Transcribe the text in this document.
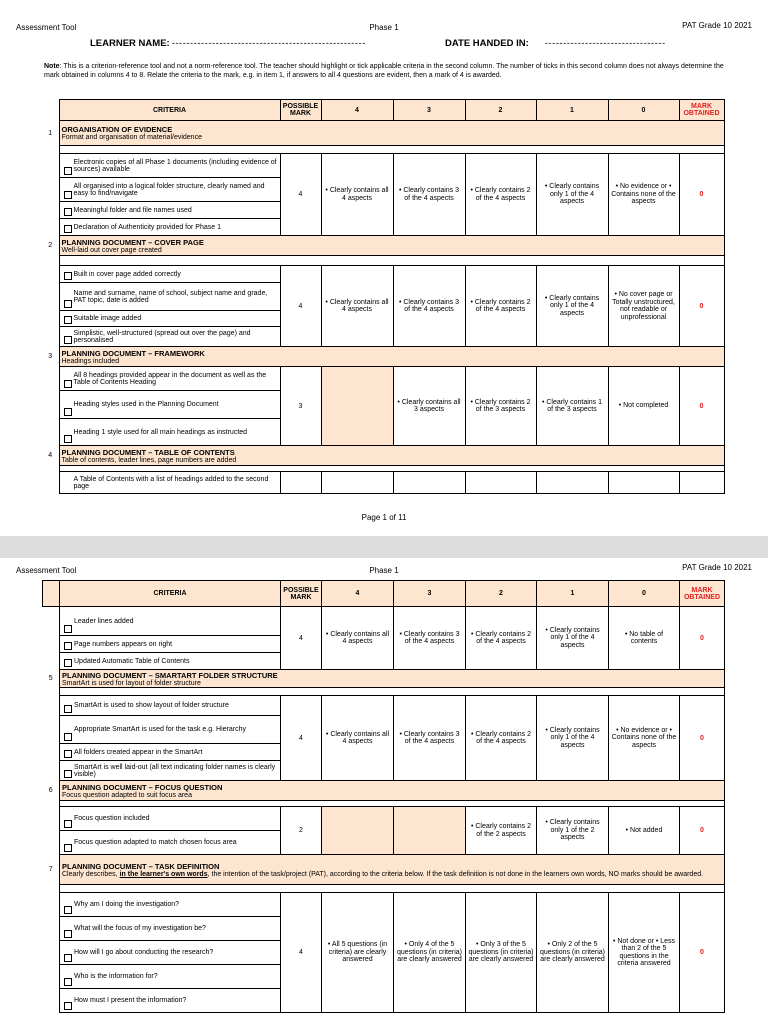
Assessment Tool	Phase 1	PAT Grade 10 2021
LEARNER NAME: -----------------------------------------------------	DATE HANDED IN: ---------------------------------
Note: This is a criterion-reference tool and not a norm-reference tool. The teacher should highlight or tick applicable criteria in the second column. The number of ticks in this second column does not always determine the mark obtained in columns 4 to 8. Relate the criteria to the mark, e.g. in item 1, if answers to all 4 questions are evident, then a mark of 4 is awarded.
	CRITERIA	POSSIBLE MARK	4	3	2	1	0	MARK OBTAINED
1	ORGANISATION OF EVIDENCE
Format and organisation of material/evidence							

Electronic copies of all Phase 1 documents (including evidence of sources) available	4	• Clearly contains all 4 aspects	• Clearly contains 3 of the 4 aspects	• Clearly contains 2 of the 4 aspects	• Clearly contains only 1 of the 4 aspects	• No evidence or • Contains none of the aspects	0

All organised into a logical folder structure, clearly named and easy to find/navigate							

Meaningful folder and file names used							

Declaration of Authenticity provided for Phase 1							
2	PLANNING DOCUMENT – COVER PAGE
Well-laid out cover page created							

Built in cover page added correctly	4	• Clearly contains all 4 aspects	• Clearly contains 3 of the 4 aspects	• Clearly contains 2 of the 4 aspects	• Clearly contains only 1 of the 4 aspects	• No cover page or Totally unstructured, not readable or unprofessional	0

Name and surname, name of school, subject name and grade, PAT topic, date is added							

Suitable image added							

Simplistic, well-structured (spread out over the page) and personalised							
3	PLANNING DOCUMENT – FRAMEWORK
Headings included							

All 8 headings provided appear in the document as well as the Table of Contents Heading	3		• Clearly contains all 3 aspects	• Clearly contains 2 of the 3 aspects	• Clearly contains 1 of the 3 aspects	• Not completed	0

Heading styles used in the Planning Document							

Heading 1 style used for all main headings as instructed							
4	PLANNING DOCUMENT – TABLE OF CONTENTS
Table of contents, leader lines, page numbers are added							

	A Table of Contents with a list of headings added to the second page							
Page 1 of 11
Assessment Tool	Phase 1	PAT Grade 10 2021
	CRITERIA	POSSIBLE MARK	4	3	2	1	0	MARK OBTAINED

Leader lines added	4	• Clearly contains all 4 aspects	• Clearly contains 3 of the 4 aspects	• Clearly contains 2 of the 4 aspects	• Clearly contains only 1 of the 4 aspects	• No table of contents	0

Page numbers appears on right							

Updated Automatic Table of Contents							
5	PLANNING DOCUMENT – SMARTART FOLDER STRUCTURE
SmartArt is used for layout of folder structure							

SmartArt is used to show layout of folder structure	4	• Clearly contains all 4 aspects	• Clearly contains 3 of the 4 aspects	• Clearly contains 2 of the 4 aspects	• Clearly contains only 1 of the 4 aspects	• No evidence or • Contains none of the aspects	0

Appropriate SmartArt is used for the task e.g. Hierarchy							

All folders created appear in the SmartArt							

SmartArt is well laid-out (all text indicating folder names is clearly visible)							
6	PLANNING DOCUMENT – FOCUS QUESTION
Focus question adapted to suit focus area							

Focus question included	2			• Clearly contains 2 of the 2 aspects	• Clearly contains only 1 of the 2 aspects	• Not added	0

Focus question adapted to match chosen focus area							
7	PLANNING DOCUMENT – TASK DEFINITION
Clearly describes, in the learner's own words, the intention of the task/project (PAT), according to the criteria below. If the task definition is not done in the learners own words, NO marks should be awarded.							

Why am I doing the investigation?	4	• All 5 questions (in criteria) are clearly answered	• Only 4 of the 5 questions (in criteria) are clearly answered	• Only 3 of the 5 questions (in criteria) are clearly answered	• Only 2 of the 5 questions (in criteria) are clearly answered	• Not done or • Less than 2 of the 5 questions in the criteria answered	0

What will the focus of my investigation be?							

How will I go about conducting the research?							

Who is the information for?							

How must I present the information?							
